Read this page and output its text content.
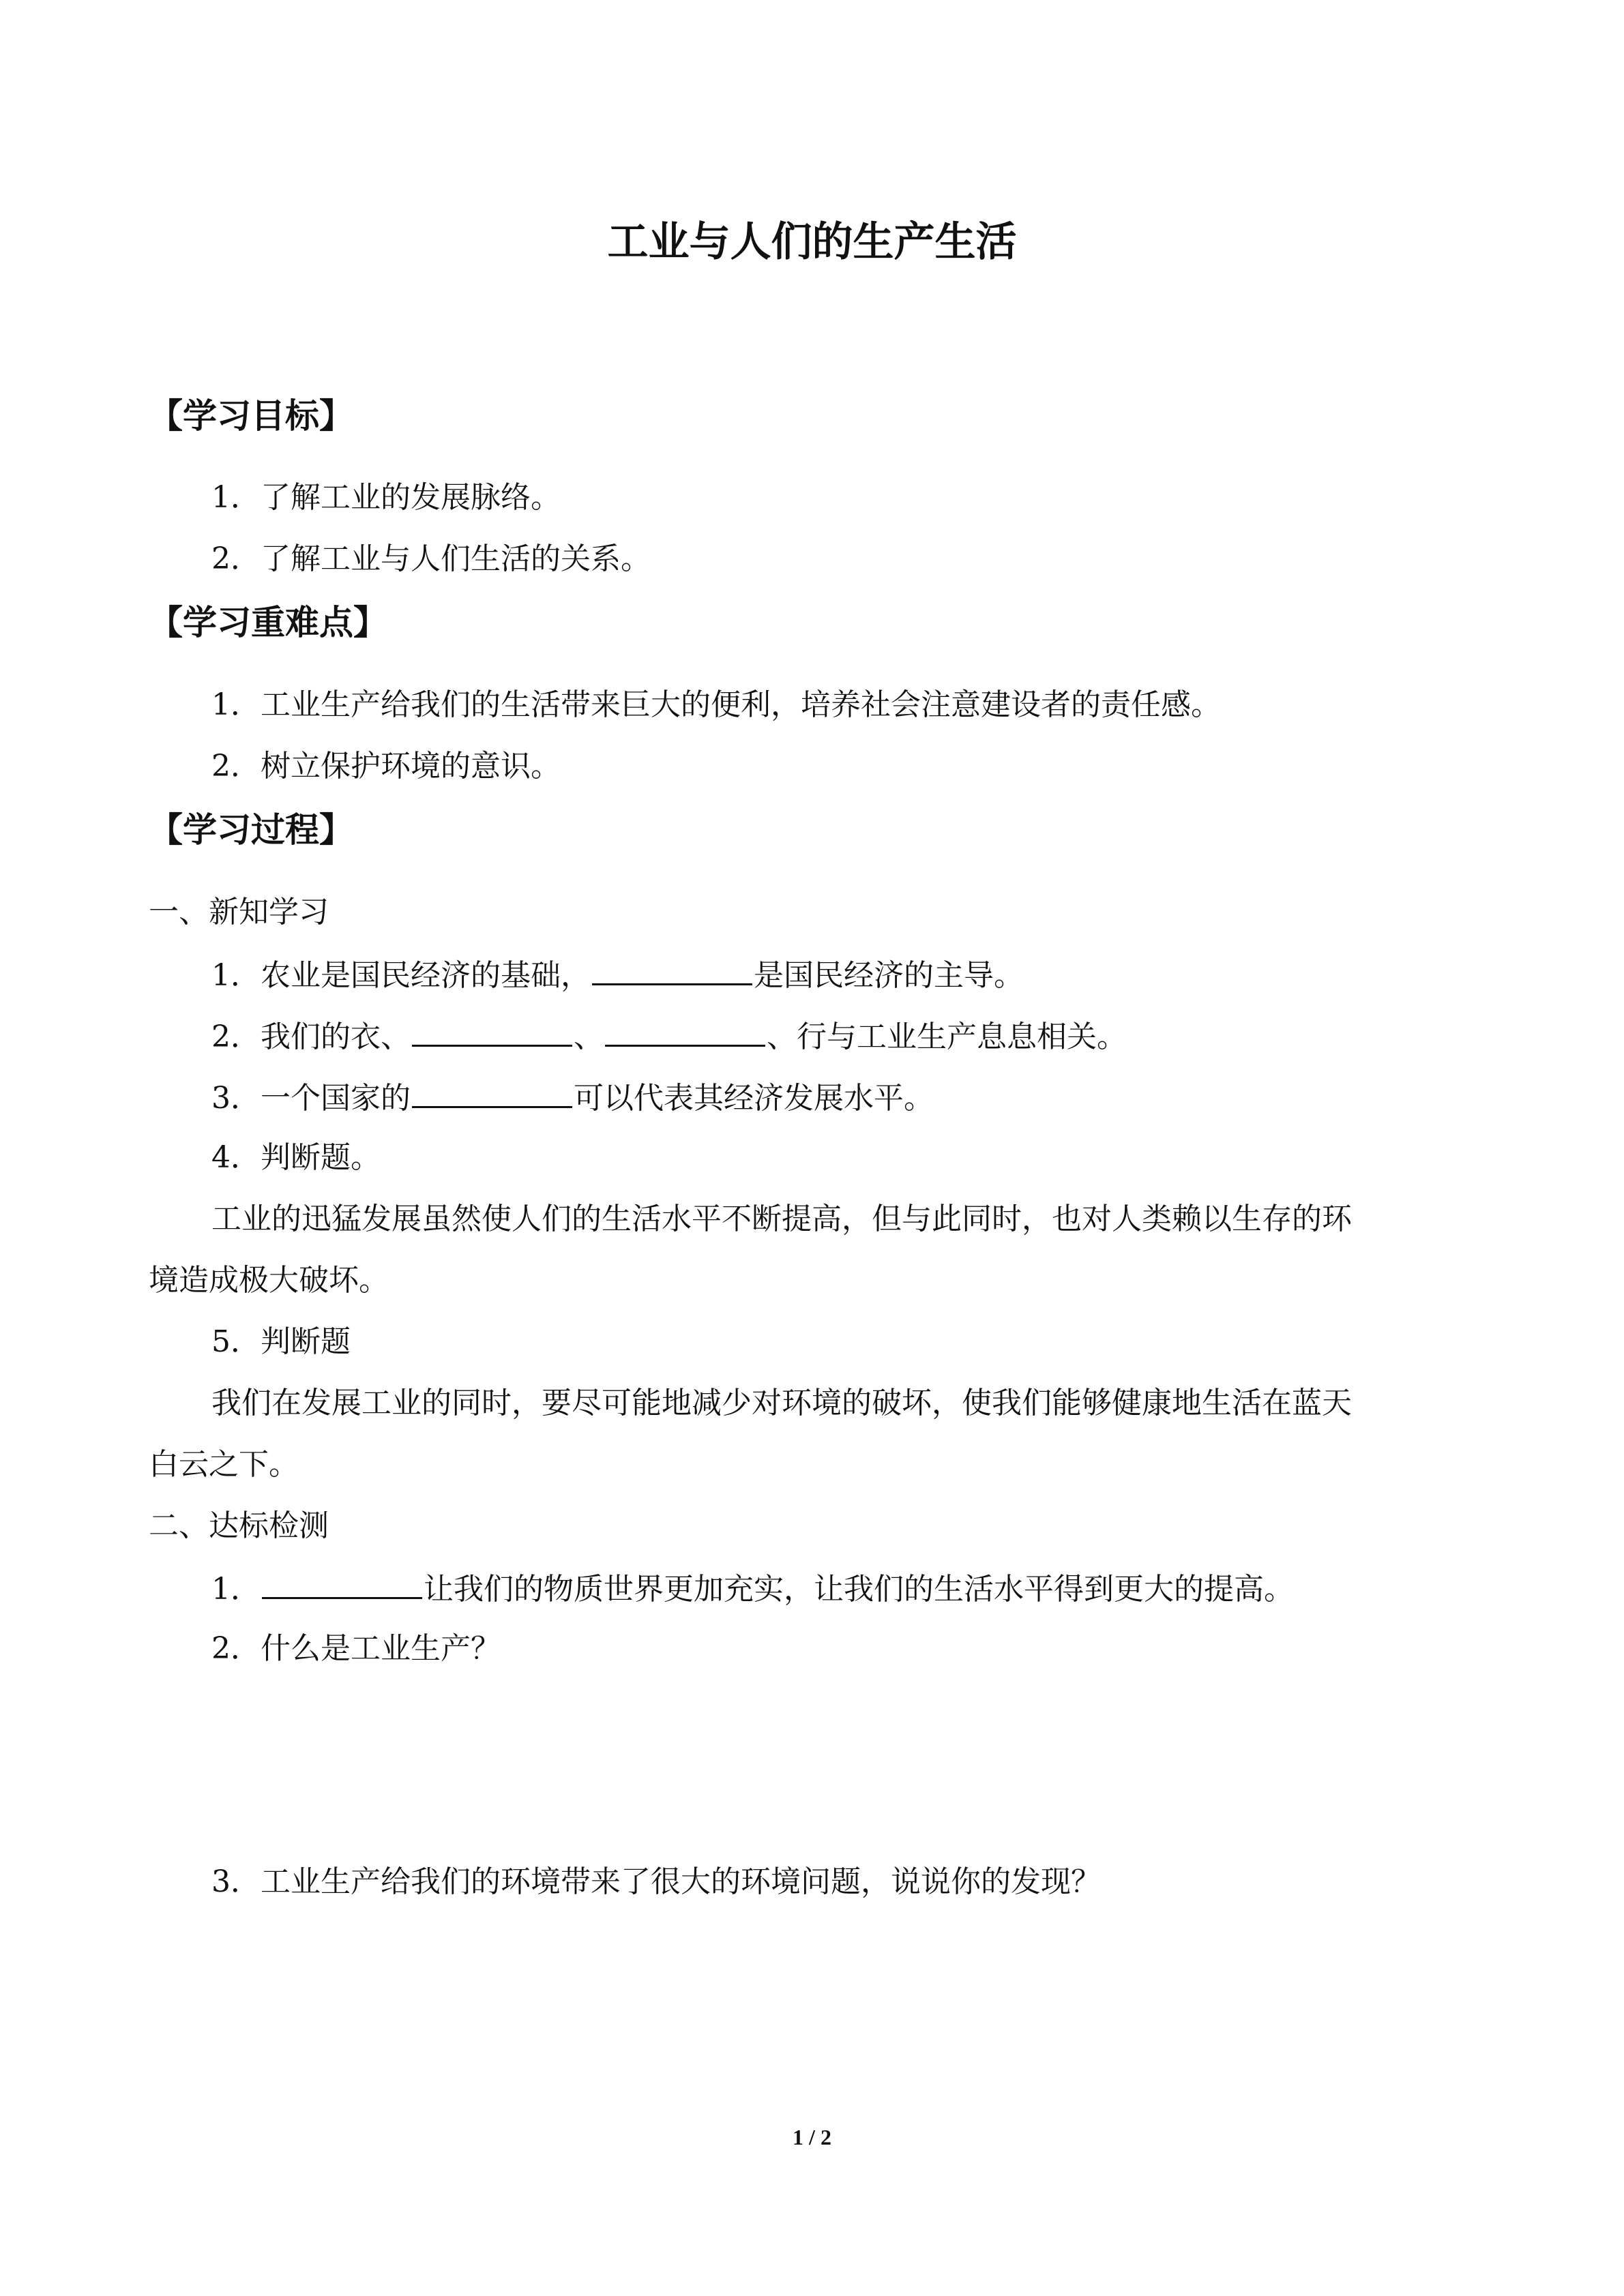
工业与人们的生产生活
【学习目标】
1．了解工业的发展脉络。
2．了解工业与人们生活的关系。
【学习重难点】
1．工业生产给我们的生活带来巨大的便利，培养社会注意建设者的责任感。
2．树立保护环境的意识。
【学习过程】
一、新知学习
1．农业是国民经济的基础，	是国民经济的主导。
2．我们的衣、	、	、行与工业生产息息相关。
3．一个国家的	可以代表其经济发展水平。
4．判断题。
工业的迅猛发展虽然使人们的生活水平不断提高，但与此同时，也对人类赖以生存的环
境造成极大破坏。
5．判断题
我们在发展工业的同时，要尽可能地减少对环境的破坏，使我们能够健康地生活在蓝天
白云之下。
二、达标检测
1．	让我们的物质世界更加充实，让我们的生活水平得到更大的提高。
2．什么是工业生产？
3．工业生产给我们的环境带来了很大的环境问题，说说你的发现？
1 / 2
